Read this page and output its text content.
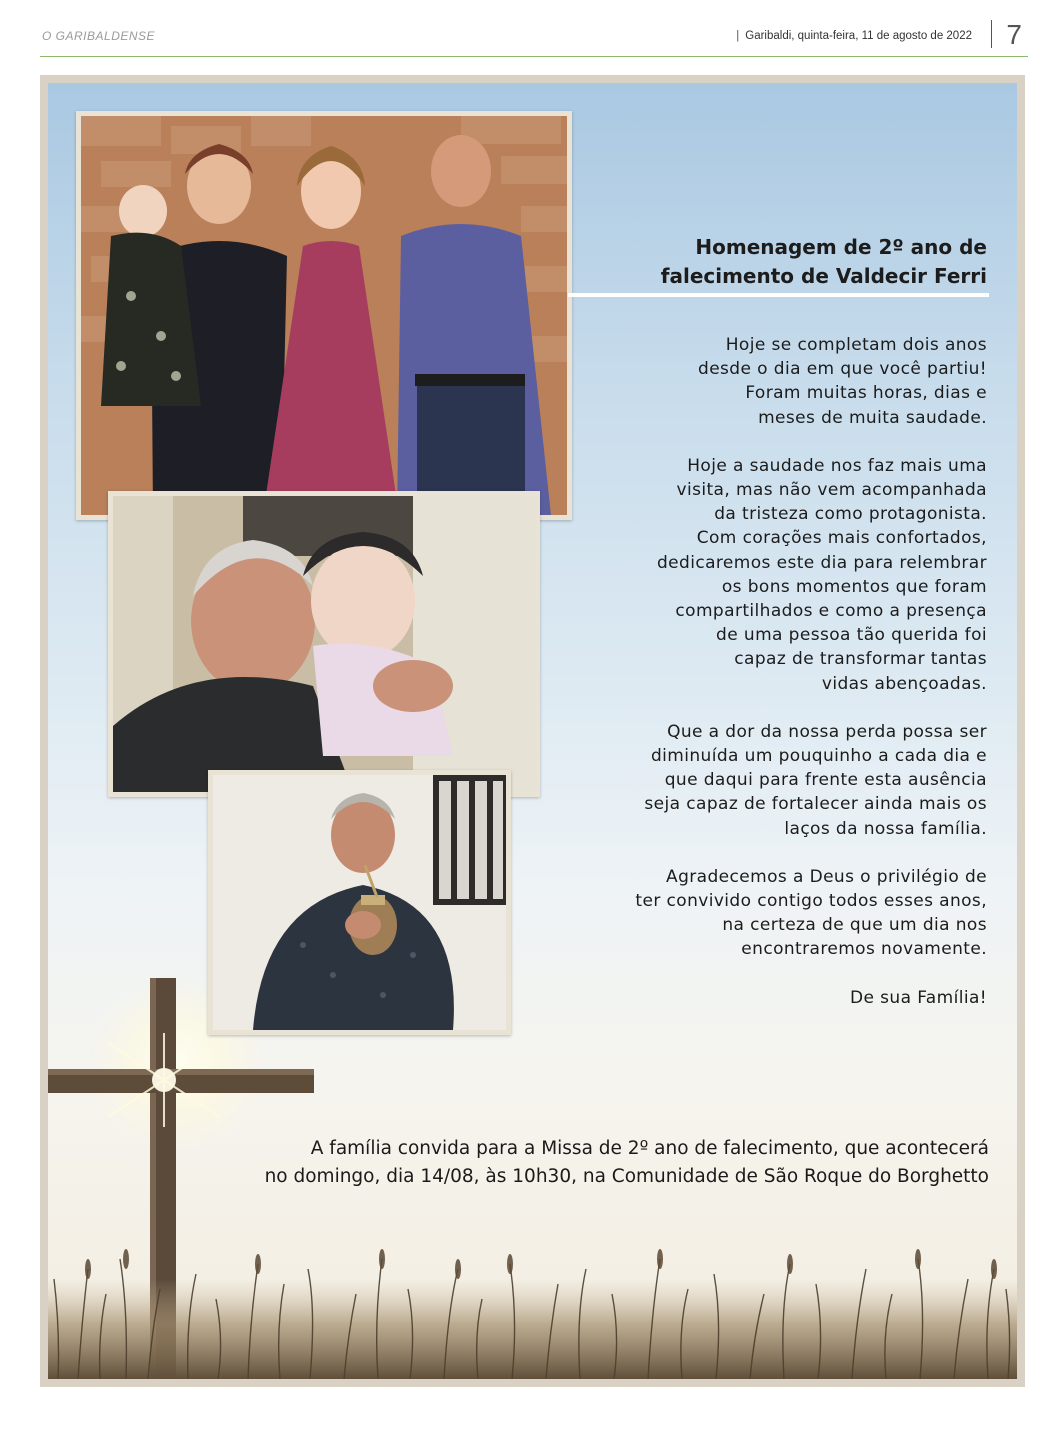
O GARIBALDENSE	| Garibaldi, quinta-feira, 11 de agosto de 2022 7
Homenagem de 2º ano de
falecimento de Valdecir Ferri

Hoje se completam dois anos
desde o dia em que você partiu!
Foram muitas horas, dias e
meses de muita saudade.

Hoje a saudade nos faz mais uma
visita, mas não vem acompanhada
da tristeza como protagonista.
Com corações mais confortados,
dedicaremos este dia para relembrar
os bons momentos que foram
compartilhados e como a presença
de uma pessoa tão querida foi
capaz de transformar tantas
vidas abençoadas.

Que a dor da nossa perda possa ser
diminuída um pouquinho a cada dia e
que daqui para frente esta ausência
seja capaz de fortalecer ainda mais os
laços da nossa família.

Agradecemos a Deus o privilégio de
ter convivido contigo todos esses anos,
na certeza de que um dia nos
encontraremos novamente.

De sua Família!

A família convida para a Missa de 2º ano de falecimento, que acontecerá
no domingo, dia 14/08, às 10h30, na Comunidade de São Roque do Borghetto
